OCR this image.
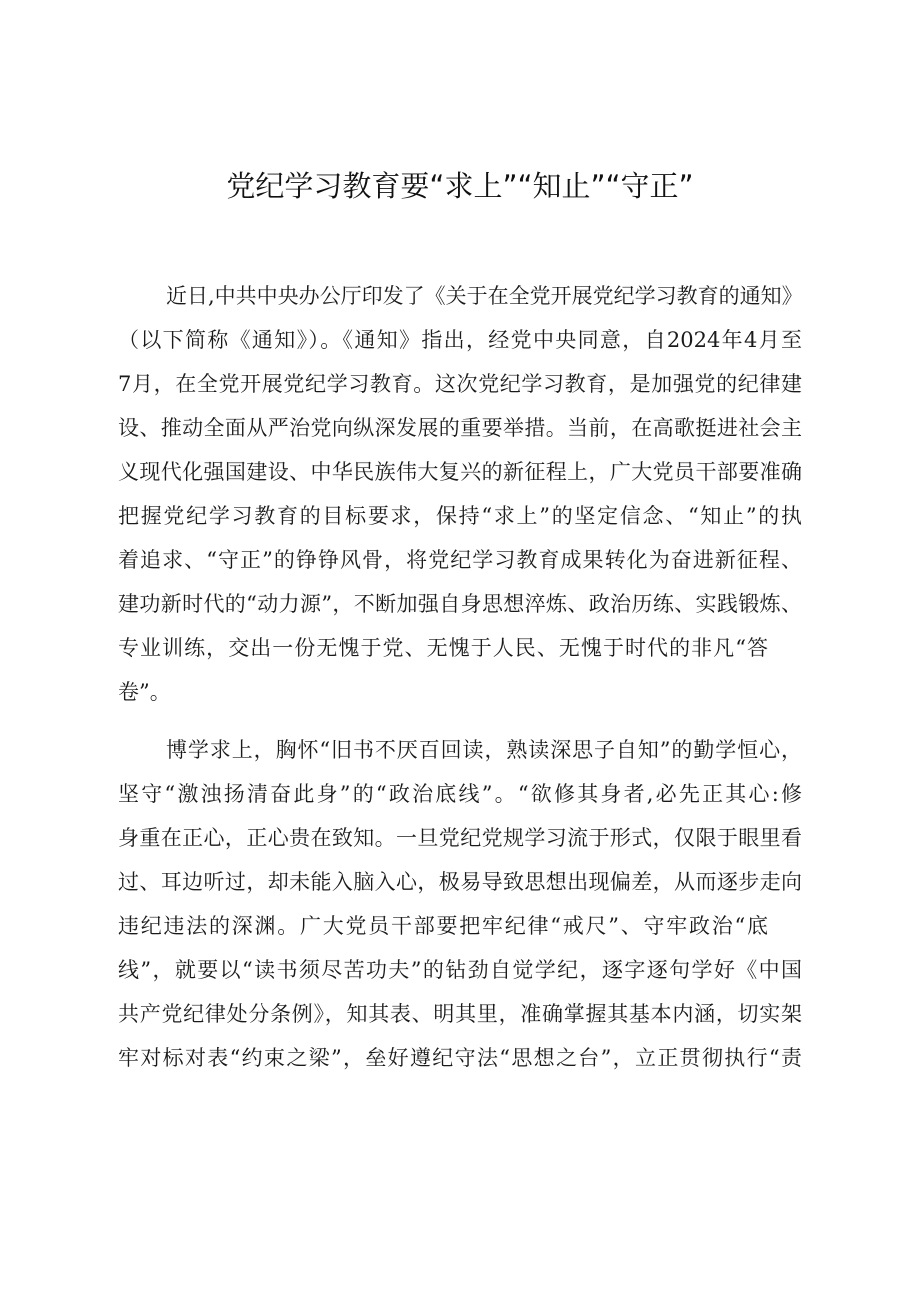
党纪学习教育要“求上”“知止”“守正”
近日,中共中央办公厅印发了《关于在全党开展党纪学习教育的通知》
（以下简称《通知》）。《通知》指出，经党中央同意，自2024年4月至
7月，在全党开展党纪学习教育。这次党纪学习教育，是加强党的纪律建
设、推动全面从严治党向纵深发展的重要举措。当前，在高歌挺进社会主
义现代化强国建设、中华民族伟大复兴的新征程上，广大党员干部要准确
把握党纪学习教育的目标要求，保持“求上”的坚定信念、“知止”的执
着追求、“守正”的铮铮风骨，将党纪学习教育成果转化为奋进新征程、
建功新时代的“动力源”，不断加强自身思想淬炼、政治历练、实践锻炼、
专业训练，交出一份无愧于党、无愧于人民、无愧于时代的非凡“答
卷”。
博学求上，胸怀“旧书不厌百回读，熟读深思子自知”的勤学恒心，
坚守“激浊扬清奋此身”的“政治底线”。“欲修其身者,必先正其心:修
身重在正心，正心贵在致知。一旦党纪党规学习流于形式，仅限于眼里看
过、耳边听过，却未能入脑入心，极易导致思想出现偏差，从而逐步走向
违纪违法的深渊。广大党员干部要把牢纪律“戒尺”、守牢政治“底
线”，就要以“读书须尽苦功夫”的钻劲自觉学纪，逐字逐句学好《中国
共产党纪律处分条例》，知其表、明其里，准确掌握其基本内涵，切实架
牢对标对表“约束之梁”，垒好遵纪守法“思想之台”，立正贯彻执行“责
